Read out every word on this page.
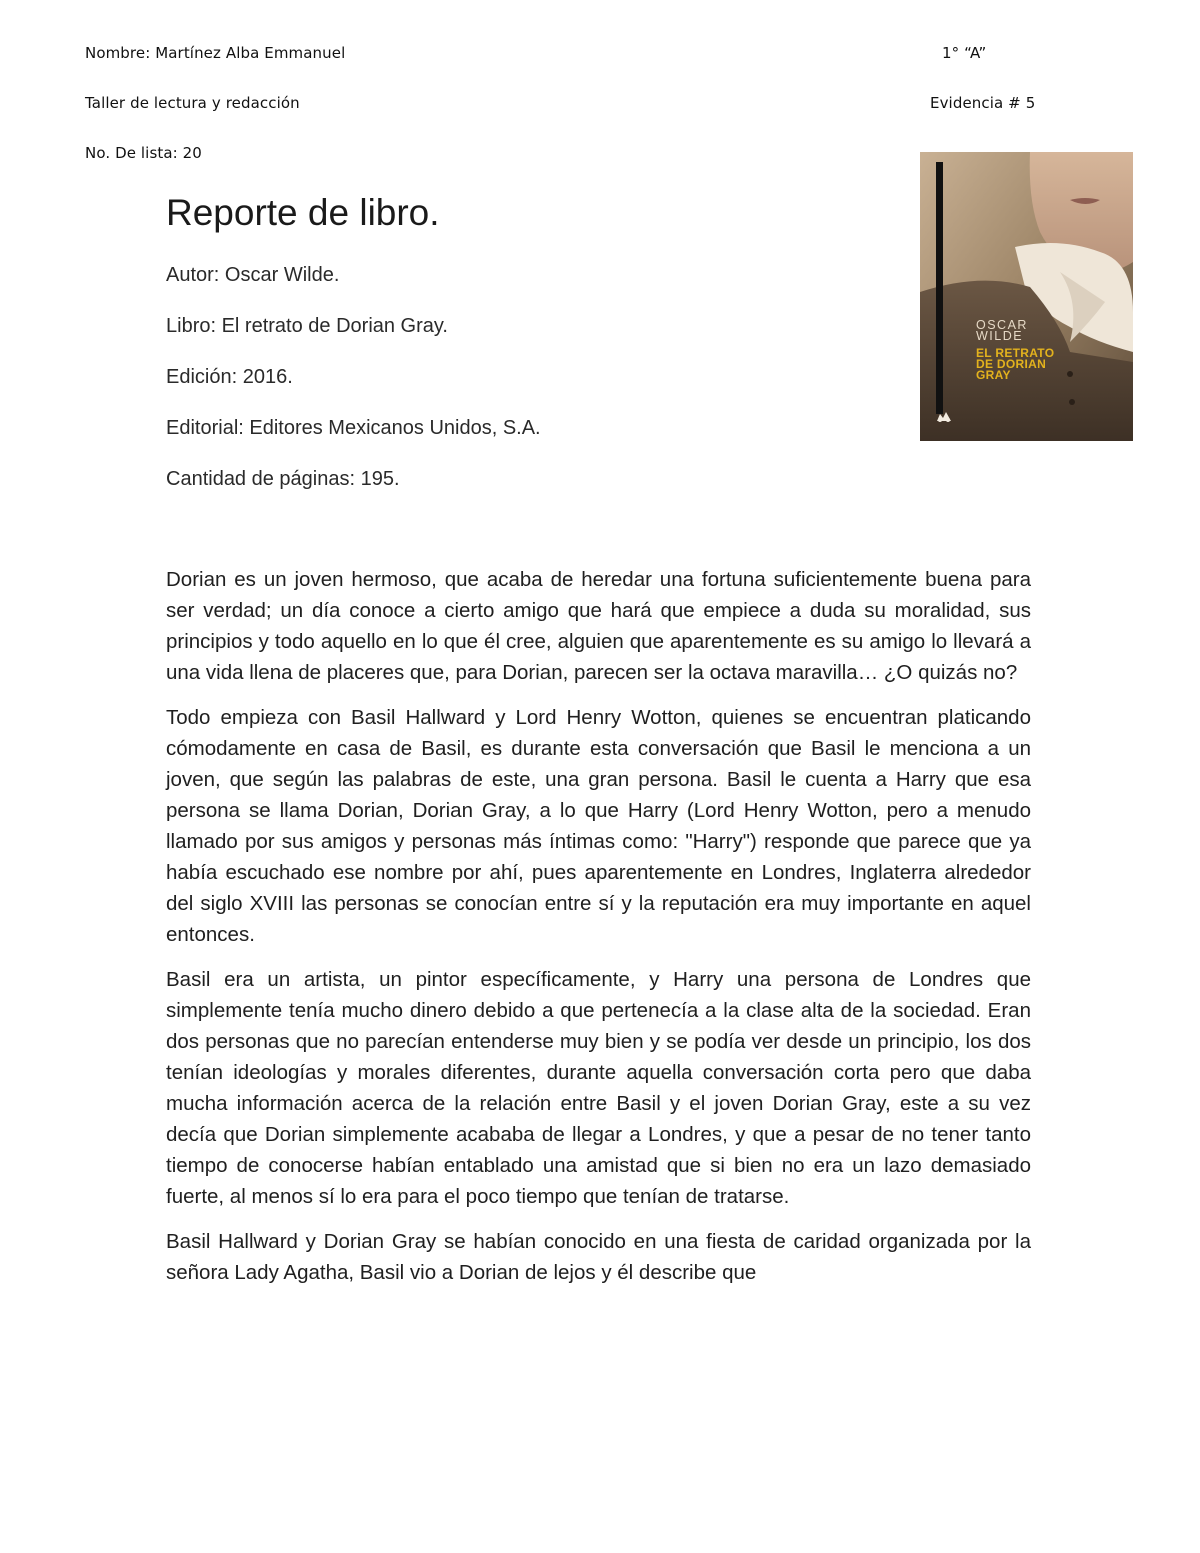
Nombre: Martínez Alba Emmanuel	1° “A”
Taller de lectura y redacción	Evidencia # 5
No. De lista: 20
Reporte de libro.
Autor: Oscar Wilde.
Libro: El retrato de Dorian Gray.
Edición: 2016.
Editorial: Editores Mexicanos Unidos, S.A.
Cantidad de páginas: 195.
OSCAR
WILDE
EL RETRATO
DE DORIAN
GRAY

Dorian es un joven hermoso, que acaba de heredar una fortuna suficientemente buena para ser verdad; un día conoce a cierto amigo que hará que empiece a duda su moralidad, sus principios y todo aquello en lo que él cree, alguien que aparentemente es su amigo lo llevará a una vida llena de placeres que, para Dorian, parecen ser la octava maravilla… ¿O quizás no?

Todo empieza con Basil Hallward y Lord Henry Wotton, quienes se encuentran platicando cómodamente en casa de Basil, es durante esta conversación que Basil le menciona a un joven, que según las palabras de este, una gran persona. Basil le cuenta a Harry que esa persona se llama Dorian, Dorian Gray, a lo que Harry (Lord Henry Wotton, pero a menudo llamado por sus amigos y personas más íntimas como: "Harry") responde que parece que ya había escuchado ese nombre por ahí, pues aparentemente en Londres, Inglaterra alrededor del siglo XVIII las personas se conocían entre sí y la reputación era muy importante en aquel entonces.

Basil era un artista, un pintor específicamente, y Harry una persona de Londres que simplemente tenía mucho dinero debido a que pertenecía a la clase alta de la sociedad. Eran dos personas que no parecían entenderse muy bien y se podía ver desde un principio, los dos tenían ideologías y morales diferentes, durante aquella conversación corta pero que daba mucha información acerca de la relación entre Basil y el joven Dorian Gray, este a su vez decía que Dorian simplemente acababa de llegar a Londres, y que a pesar de no tener tanto tiempo de conocerse habían entablado una amistad que si bien no era un lazo demasiado fuerte, al menos sí lo era para el poco tiempo que tenían de tratarse.

Basil Hallward y Dorian Gray se habían conocido en una fiesta de caridad organizada por la señora Lady Agatha, Basil vio a Dorian de lejos y él describe que
